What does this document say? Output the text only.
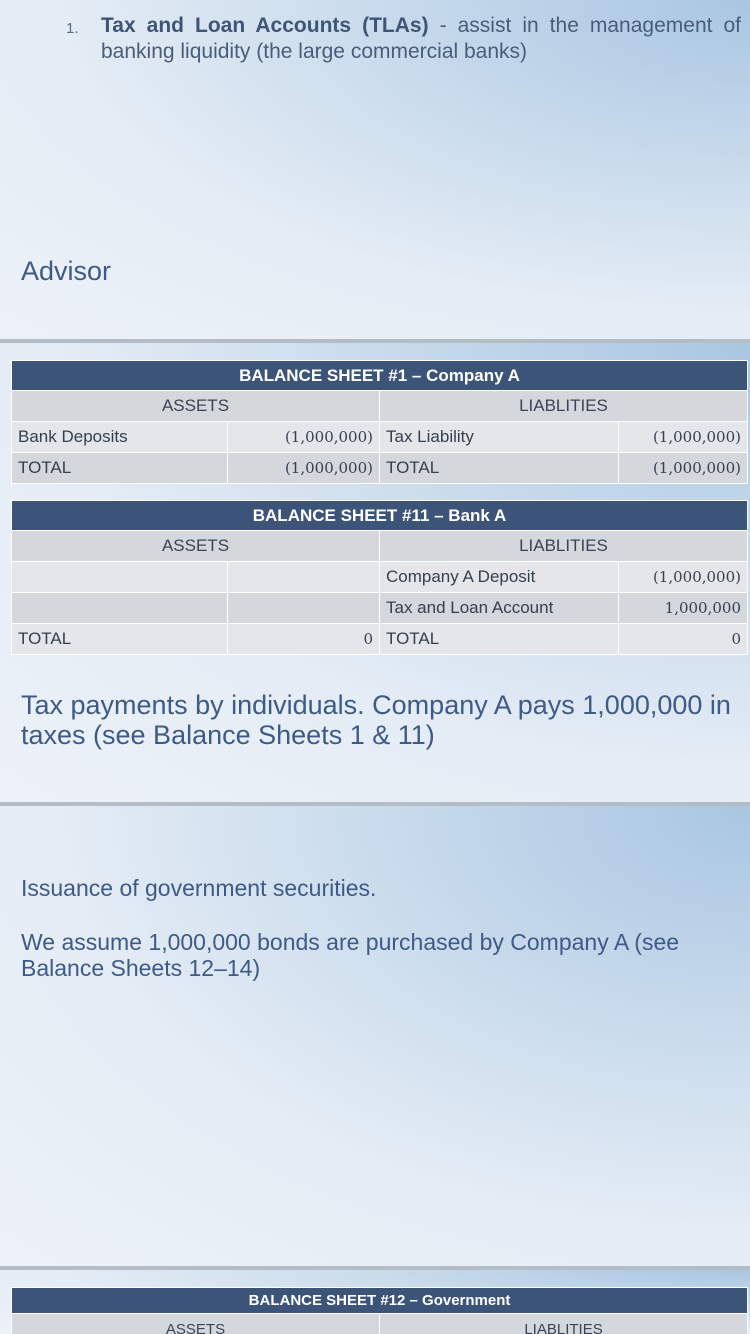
1. Tax and Loan Accounts (TLAs) - assist in the management of banking liquidity (the large commercial banks)
Advisor
BALANCE SHEET #1 – Company A			
ASSETS		LIABLITIES	
Bank Deposits	(1,000,000)	Tax Liability	(1,000,000)
TOTAL	(1,000,000)	TOTAL	(1,000,000)
BALANCE SHEET #11 – Bank A			
ASSETS		LIABLITIES	
		Company A Deposit	(1,000,000)
		Tax and Loan Account	1,000,000
TOTAL	0	TOTAL	0
Tax payments by individuals. Company A pays 1,000,000 in taxes (see Balance Sheets 1 & 11)
Issuance of government securities.
We assume 1,000,000 bonds are purchased by Company A (see Balance Sheets 12–14)
BALANCE SHEET #12 – Government
ASSETS	LIABLITIES
